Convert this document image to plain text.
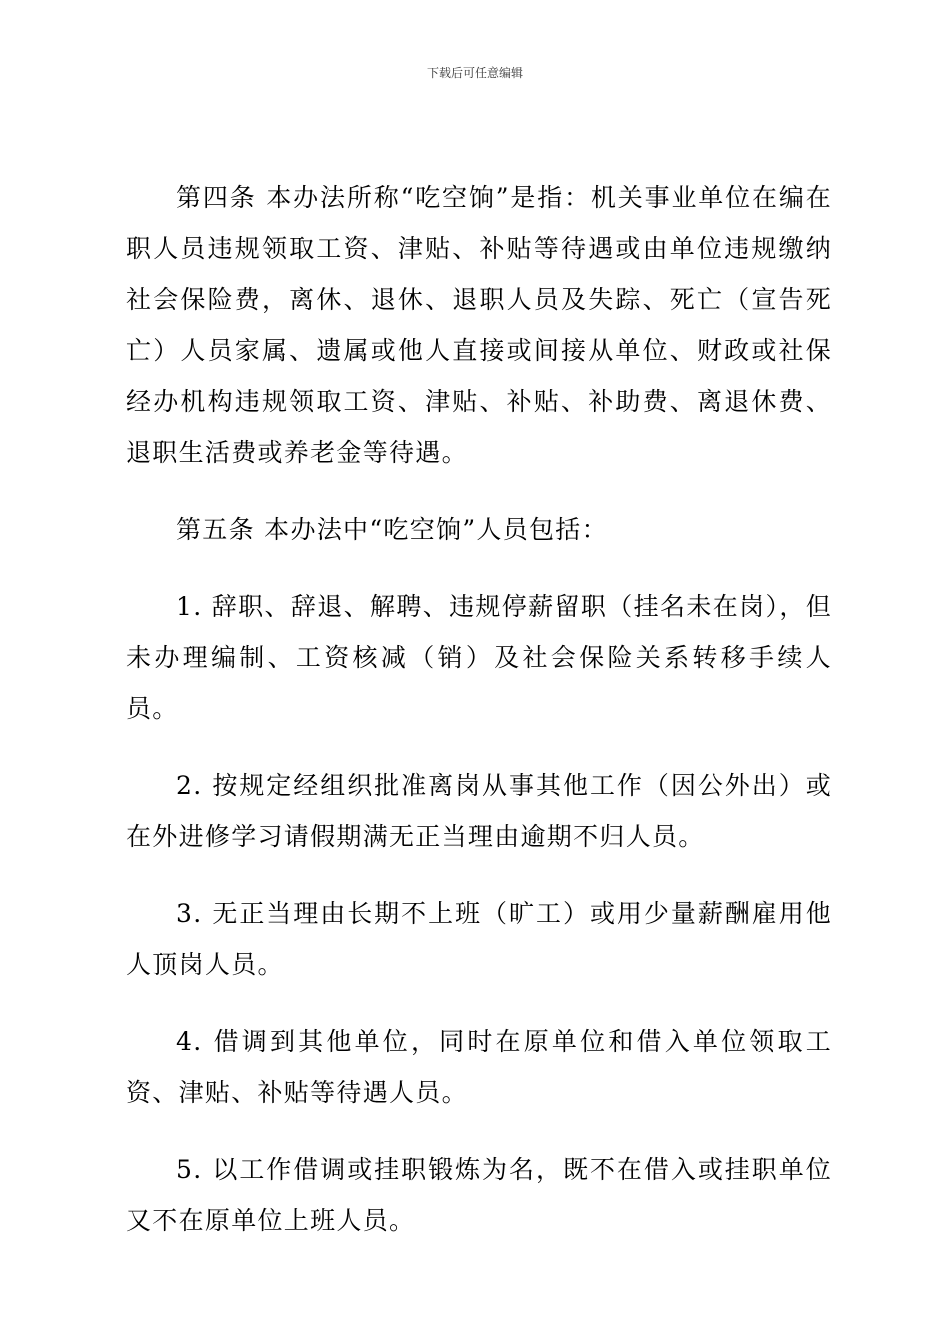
下载后可任意编辑

第四条 本办法所称“吃空饷”是指：机关事业单位在编在职人员违规领取工资、津贴、补贴等待遇或由单位违规缴纳社会保险费，离休、退休、退职人员及失踪、死亡（宣告死亡）人员家属、遗属或他人直接或间接从单位、财政或社保经办机构违规领取工资、津贴、补贴、补助费、离退休费、退职生活费或养老金等待遇。

第五条 本办法中“吃空饷”人员包括：

1. 辞职、辞退、解聘、违规停薪留职（挂名未在岗），但未办理编制、工资核减（销）及社会保险关系转移手续人员。

2. 按规定经组织批准离岗从事其他工作（因公外出）或在外进修学习请假期满无正当理由逾期不归人员。

3. 无正当理由长期不上班（旷工）或用少量薪酬雇用他人顶岗人员。

4. 借调到其他单位，同时在原单位和借入单位领取工资、津贴、补贴等待遇人员。

5. 以工作借调或挂职锻炼为名，既不在借入或挂职单位又不在原单位上班人员。
